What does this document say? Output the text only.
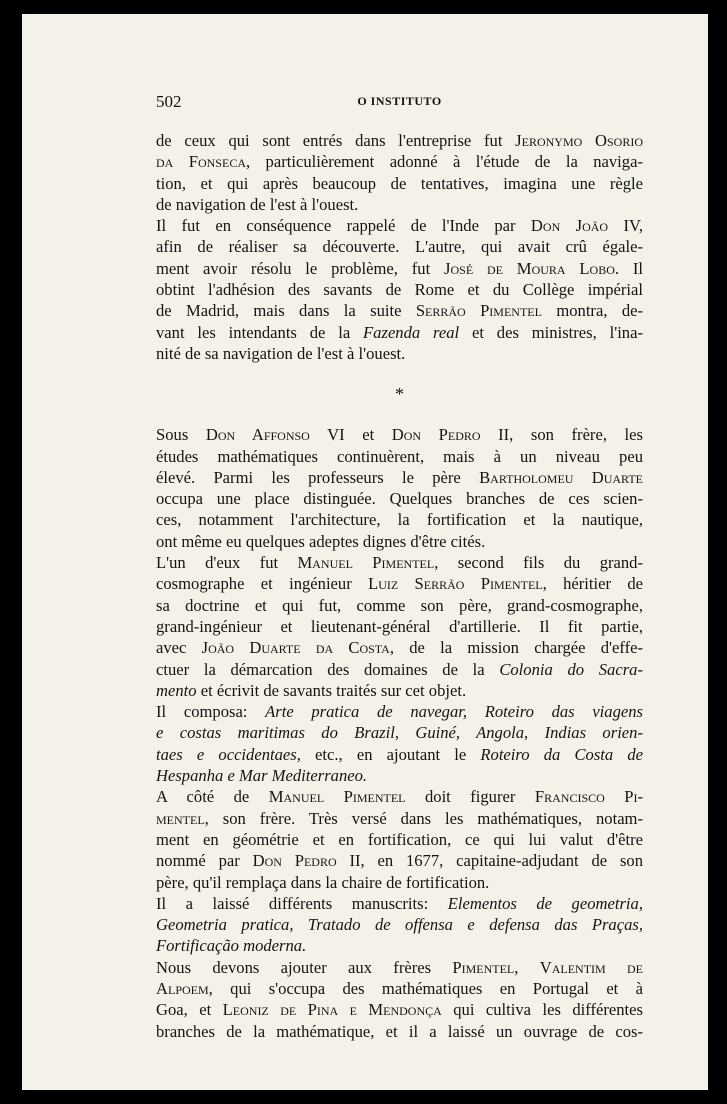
502	O INSTITUTO
de ceux qui sont entrés dans l'entreprise fut Jeronymo Osorio
da Fonseca, particulièrement adonné à l'étude de la naviga-
tion, et qui après beaucoup de tentatives, imagina une règle
de navigation de l'est à l'ouest.
Il fut en conséquence rappelé de l'Inde par Don João IV,
afin de réaliser sa découverte. L'autre, qui avait crû égale-
ment avoir résolu le problème, fut José de Moura Lobo. Il
obtint l'adhésion des savants de Rome et du Collège impérial
de Madrid, mais dans la suite Serrão Pimentel montra, de-
vant les intendants de la Fazenda real et des ministres, l'ina-
nité de sa navigation de l'est à l'ouest.
*
Sous Don Affonso VI et Don Pedro II, son frère, les
études mathématiques continuèrent, mais à un niveau peu
élevé. Parmi les professeurs le père Bartholomeu Duarte
occupa une place distinguée. Quelques branches de ces scien-
ces, notamment l'architecture, la fortification et la nautique,
ont même eu quelques adeptes dignes d'être cités.
L'un d'eux fut Manuel Pimentel, second fils du grand-
cosmographe et ingénieur Luiz Serrão Pimentel, héritier de
sa doctrine et qui fut, comme son père, grand-cosmographe,
grand-ingénieur et lieutenant-général d'artillerie. Il fit partie,
avec João Duarte da Costa, de la mission chargée d'effe-
ctuer la démarcation des domaines de la Colonia do Sacra-
mento et écrivit de savants traités sur cet objet.
Il composa: Arte pratica de navegar, Roteiro das viagens
e costas maritimas do Brazil, Guiné, Angola, Indias orien-
taes e occidentaes, etc., en ajoutant le Roteiro da Costa de
Hespanha e Mar Mediterraneo.
A côté de Manuel Pimentel doit figurer Francisco Pi-
mentel, son frère. Très versé dans les mathématiques, notam-
ment en géométrie et en fortification, ce qui lui valut d'être
nommé par Don Pedro II, en 1677, capitaine-adjudant de son
père, qu'il remplaça dans la chaire de fortification.
Il a laissé différents manuscrits: Elementos de geometria,
Geometria pratica, Tratado de offensa e defensa das Praças,
Fortificação moderna.
Nous devons ajouter aux frères Pimentel, Valentim de
Alpoem, qui s'occupa des mathématiques en Portugal et à
Goa, et Leoniz de Pina e Mendonça qui cultiva les différentes
branches de la mathématique, et il a laissé un ouvrage de cos-
